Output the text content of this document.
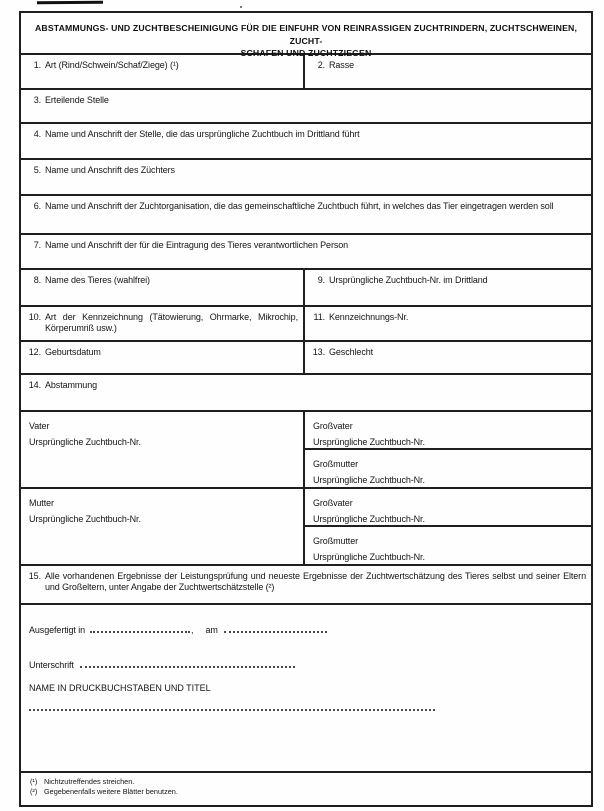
ABSTAMMUNGS- UND ZUCHTBESCHEINIGUNG FÜR DIE EINFUHR VON REINRASSIGEN ZUCHTRINDERN, ZUCHTSCHWEINEN, ZUCHT-
SCHAFEN UND ZUCHTZIEGEN
1. Art (Rind/Schwein/Schaf/Ziege) (¹)	2. Rasse
3. Erteilende Stelle
4. Name und Anschrift der Stelle, die das ursprüngliche Zuchtbuch im Drittland führt
5. Name und Anschrift des Züchters
6. Name und Anschrift der Zuchtorganisation, die das gemeinschaftliche Zuchtbuch führt, in welches das Tier eingetragen werden soll
7. Name und Anschrift der für die Eintragung des Tieres verantwortlichen Person
8. Name des Tieres (wahlfrei)	9. Ursprüngliche Zuchtbuch-Nr. im Drittland
10. Art der Kennzeichnung (Tätowierung, Ohrmarke, Mikrochip, Körperumriß usw.)
11. Kennzeichnungs-Nr.
12. Geburtsdatum	13. Geschlecht
14. Abstammung
Vater
Ursprüngliche Zuchtbuch-Nr.
Großvater
Ursprüngliche Zuchtbuch-Nr.
Großmutter
Ursprüngliche Zuchtbuch-Nr.
Mutter
Ursprüngliche Zuchtbuch-Nr.
Großvater
Ursprüngliche Zuchtbuch-Nr.
Großmutter
Ursprüngliche Zuchtbuch-Nr.
15. Alle vorhandenen Ergebnisse der Leistungsprüfung und neueste Ergebnisse der Zuchtwertschätzung des Tieres selbst und seiner Eltern und Großeltern, unter Angabe der Zuchtwertschätzstelle (²)
Ausgefertigt in	, am
Unterschrift
NAME IN DRUCKBUCHSTABEN UND TITEL
(¹) Nichtzutreffendes streichen.
(²) Gegebenenfalls weitere Blätter benutzen.
